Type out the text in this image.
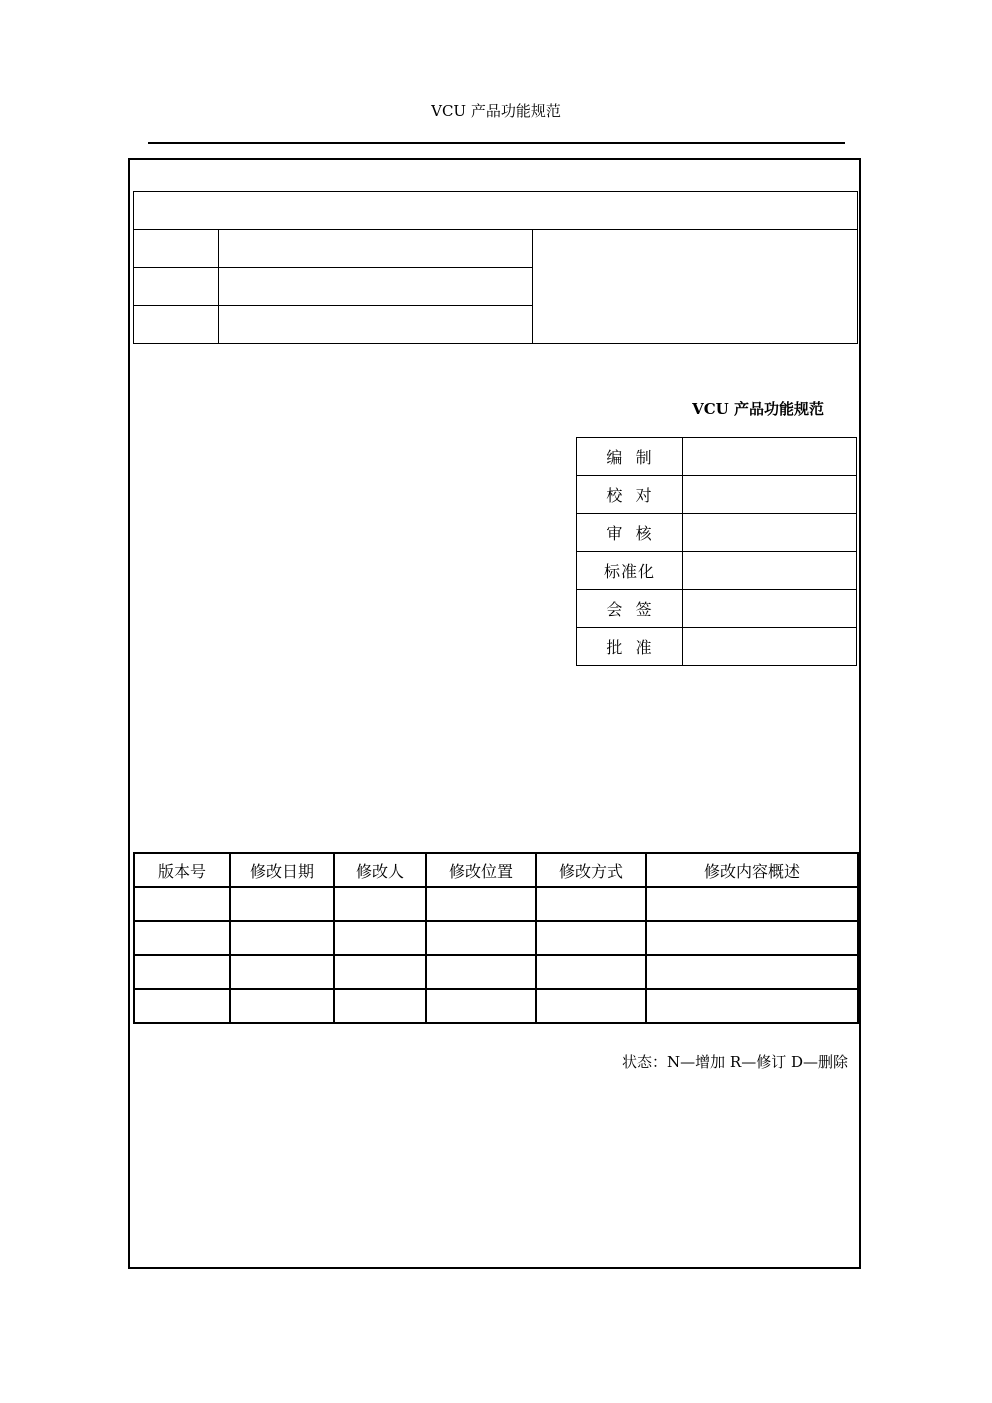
VCU 产品功能规范

VCU 产品功能规范
编  制	
校  对	
审  核	
标准化	
会  签	
批  准	
版本号	修改日期	修改人	修改位置	修改方式	修改内容概述

状态：N—增加 R—修订 D—删除
